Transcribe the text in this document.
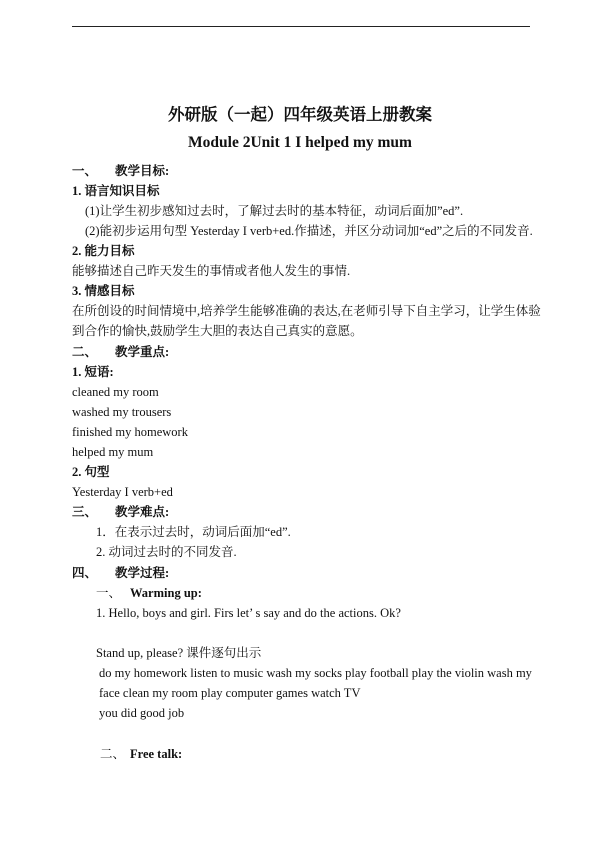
外研版（一起）四年级英语上册教案
Module 2Unit 1 I helped my mum
一、 教学目标:
1. 语言知识目标
(1)让学生初步感知过去时，了解过去时的基本特征，动词后面加”ed”.
(2)能初步运用句型 Yesterday I verb+ed.作描述，并区分动词加“ed”之后的不同发音.
2. 能力目标
能够描述自己昨天发生的事情或者他人发生的事情.
3. 情感目标
在所创设的时间情境中,培养学生能够准确的表达,在老师引导下自主学习，让学生体验
到合作的愉快,鼓励学生大胆的表达自己真实的意愿。
二、 教学重点:
1. 短语:
cleaned my room
washed my trousers
finished my homework
helped my mum
2. 句型
Yesterday I verb+ed
三、 教学难点:
1．在表示过去时，动词后面加“ed”.
2. 动词过去时的不同发音.
四、 教学过程:
一、 Warming up:
1. Hello, boys and girl. Firs let’ s say and do the actions. Ok?
Stand up, please? 课件逐句出示
do my homework listen to music wash my socks play football play the violin wash my
face clean my room play computer games watch TV
you did good job
二、 Free talk:
